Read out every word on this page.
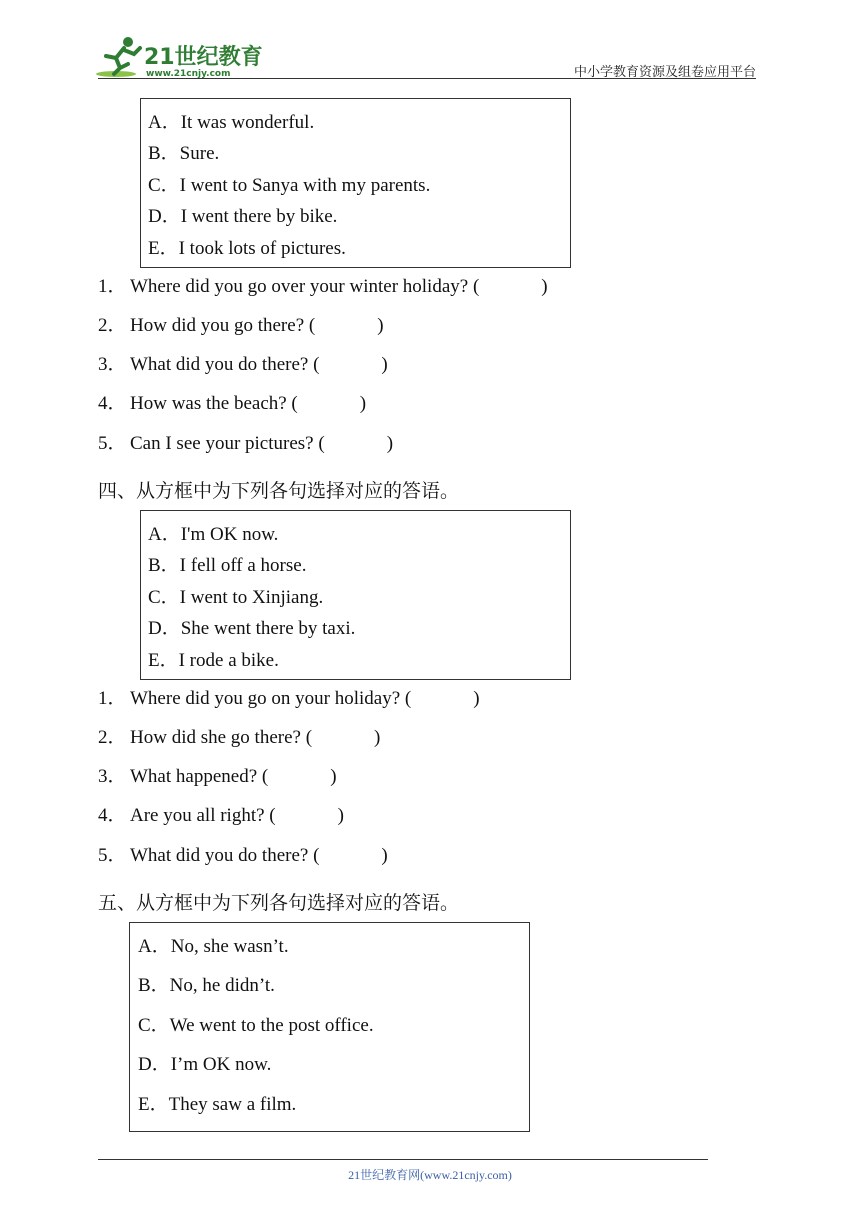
21世纪教育
www.21cnjy.com	中小学教育资源及组卷应用平台
A．It was wonderful.
B．Sure.
C．I went to Sanya with my parents.
D．I went there by bike.
E．I took lots of pictures.
1． Where did you go over your winter holiday? (	)
2． How did you go there? (	)
3． What did you do there? (	)
4． How was the beach? (	)
5． Can I see your pictures? (	)
四、从方框中为下列各句选择对应的答语。
A．I'm OK now.
B．I fell off a horse.
C．I went to Xinjiang.
D．She went there by taxi.
E．I rode a bike.
1． Where did you go on your holiday? (	)
2． How did she go there? (	)
3． What happened? (	)
4． Are you all right? (	)
5． What did you do there? (	)
五、从方框中为下列各句选择对应的答语。
A．No, she wasn’t.
B．No, he didn’t.
C．We went to the post office.
D．I’m OK now.
E．They saw a film.
21世纪教育网(www.21cnjy.com)
